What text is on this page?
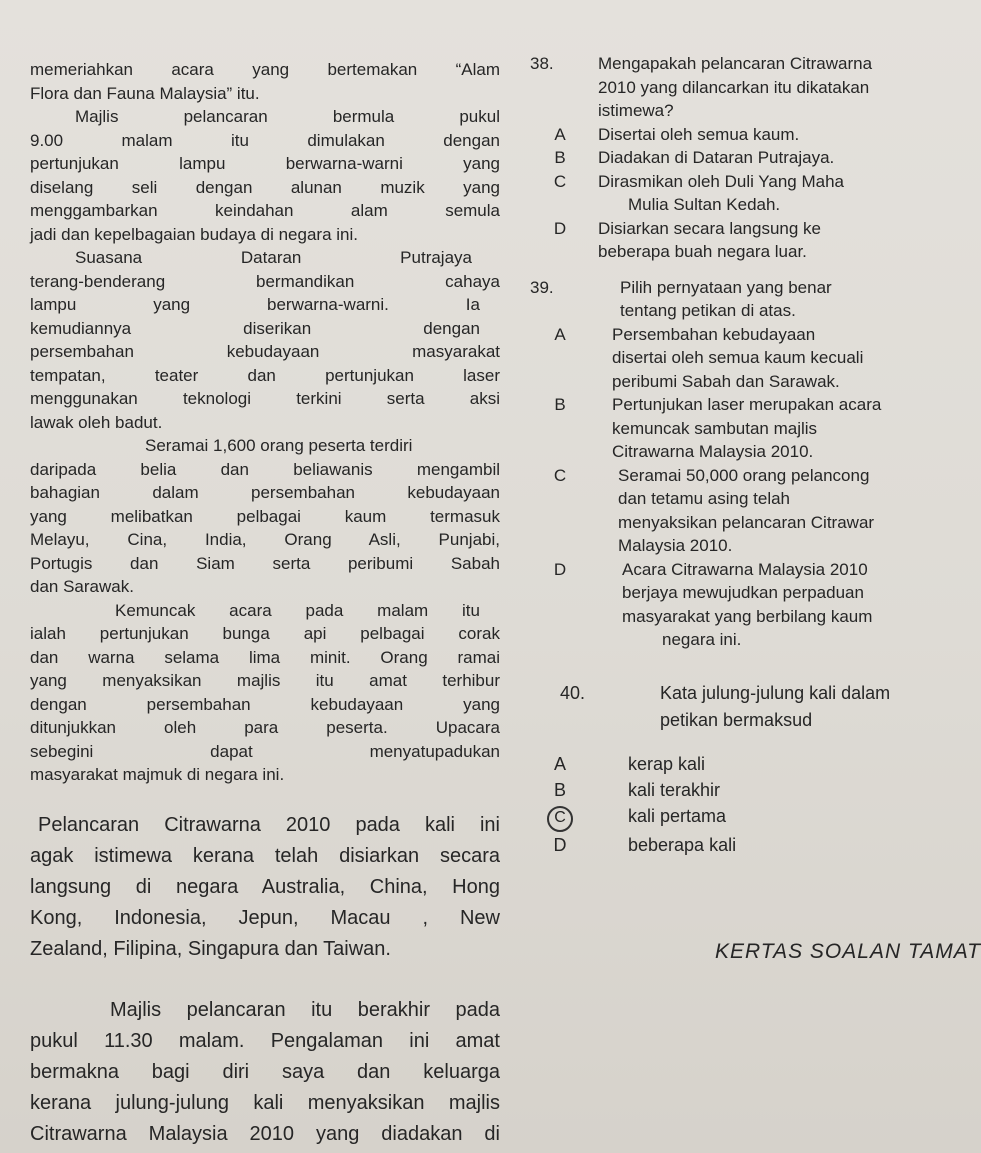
memeriahkan acara yang bertemakan “Alam

Flora dan Fauna Malaysia” itu.

Majlis pelancaran bermula pukul

9.00 malam itu dimulakan dengan

pertunjukan lampu berwarna-warni yang

diselang seli dengan alunan muzik yang

menggambarkan keindahan alam semula

jadi dan kepelbagaian budaya di negara ini.

Suasana Dataran Putrajaya

terang-benderang bermandikan cahaya

lampu yang berwarna-warni. Ia

kemudiannya diserikan dengan

persembahan kebudayaan masyarakat

tempatan, teater dan pertunjukan laser

menggunakan teknologi terkini serta aksi

lawak oleh badut.

Seramai 1,600 orang peserta terdiri

daripada belia dan beliawanis mengambil

bahagian dalam persembahan kebudayaan

yang melibatkan pelbagai kaum termasuk

Melayu, Cina, India, Orang Asli, Punjabi,

Portugis dan Siam serta peribumi Sabah

dan Sarawak.

Kemuncak acara pada malam itu

ialah pertunjukan bunga api pelbagai corak

dan warna selama lima minit. Orang ramai

yang menyaksikan majlis itu amat terhibur

dengan persembahan kebudayaan yang

ditunjukkan oleh para peserta. Upacara

sebegini dapat menyatupadukan

masyarakat majmuk di negara ini.

Pelancaran Citrawarna 2010 pada kali ini

agak istimewa kerana telah disiarkan secara

langsung di negara Australia, China, Hong

Kong, Indonesia, Jepun, Macau , New

Zealand, Filipina, Singapura dan Taiwan.

Majlis pelancaran itu berakhir pada

pukul 11.30 malam. Pengalaman ini amat

bermakna bagi diri saya dan keluarga

kerana julung-julung kali menyaksikan majlis

Citrawarna Malaysia 2010 yang diadakan di

38.	Mengapakah pelancaran Citrawarna

2010 yang dilancarkan itu dikatakan

istimewa?

A	Disertai oleh semua kaum.

B	Diadakan di Dataran Putrajaya.

C	Dirasmikan oleh Duli Yang Maha

Mulia Sultan Kedah.

D	Disiarkan secara langsung ke

beberapa buah negara luar.

39.	Pilih pernyataan yang benar

tentang petikan di atas.

A	Persembahan kebudayaan

disertai oleh semua kaum kecuali

peribumi Sabah dan Sarawak.

B	Pertunjukan laser merupakan acara

kemuncak sambutan majlis

Citrawarna Malaysia 2010.

C	Seramai 50,000 orang pelancong

dan tetamu asing telah

menyaksikan pelancaran Citrawar

Malaysia 2010.

D	Acara Citrawarna Malaysia 2010

berjaya mewujudkan perpaduan

masyarakat yang berbilang kaum

negara ini.

40.	Kata julung-julung kali dalam

petikan bermaksud

A	kerap kali

B	kali terakhir

C	kali pertama

D	beberapa kali

KERTAS SOALAN TAMAT
